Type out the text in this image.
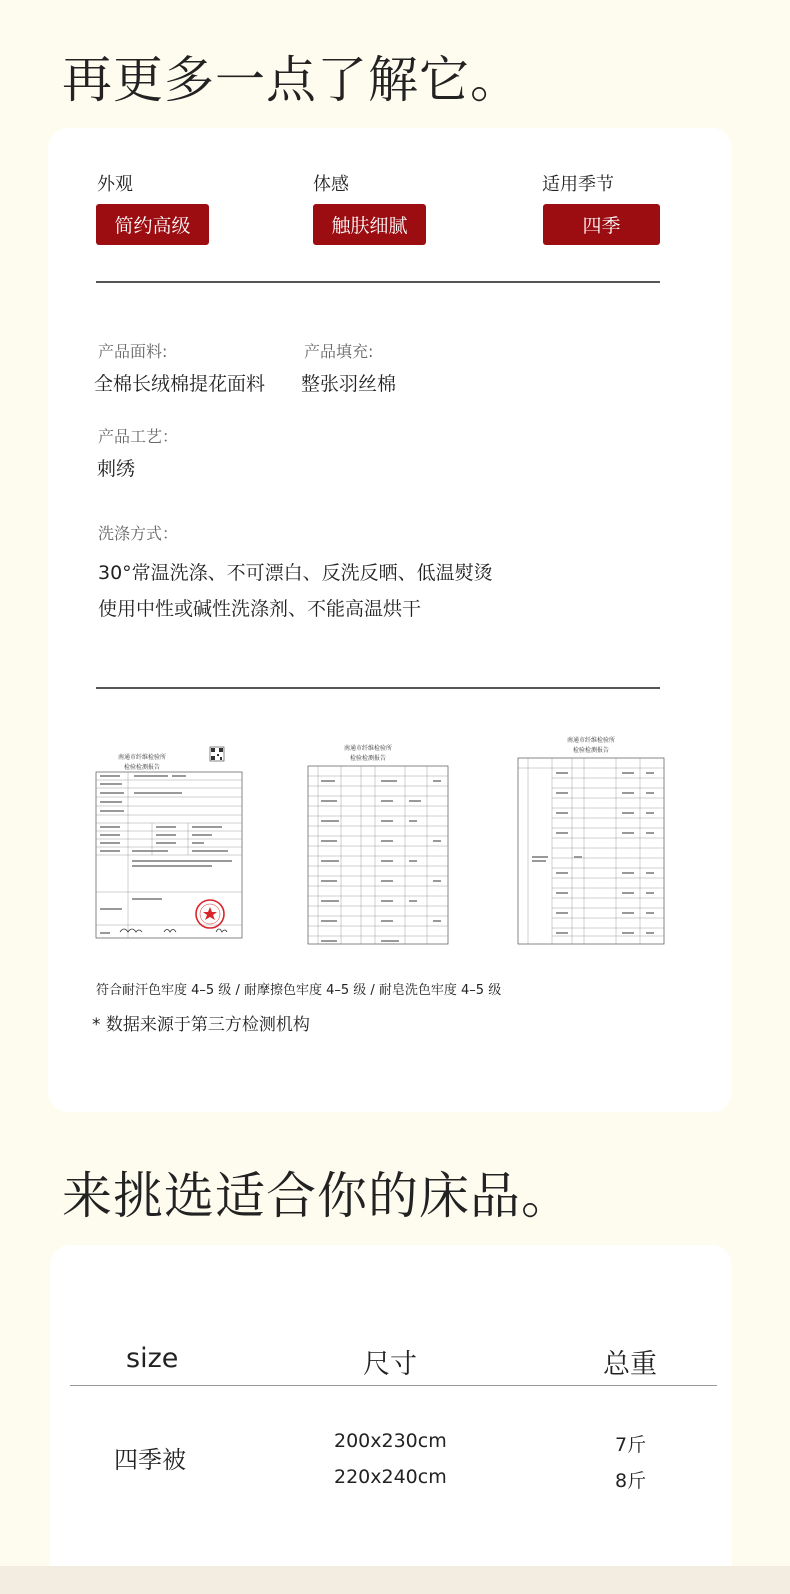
再更多一点了解它。
外观
简约高级
体感
触肤细腻
适用季节
四季
产品面料:
全棉长绒棉提花面料
产品填充:
整张羽丝棉
产品工艺：
刺绣
洗涤方式：
30°常温洗涤、不可漂白、反洗反晒、低温熨烫
使用中性或碱性洗涤剂、不能高温烘干
南通市纤维检验所
检验检测报告
南通市纤维检验所
检验检测报告
南通市纤维检验所
检验检测报告
符合耐汗色牢度 4–5 级 / 耐摩擦色牢度 4–5 级 / 耐皂洗色牢度 4–5 级
* 数据来源于第三方检测机构
来挑选适合你的床品。
size	尺寸	总重
四季被
200x230cm
220x240cm
7斤
8斤
